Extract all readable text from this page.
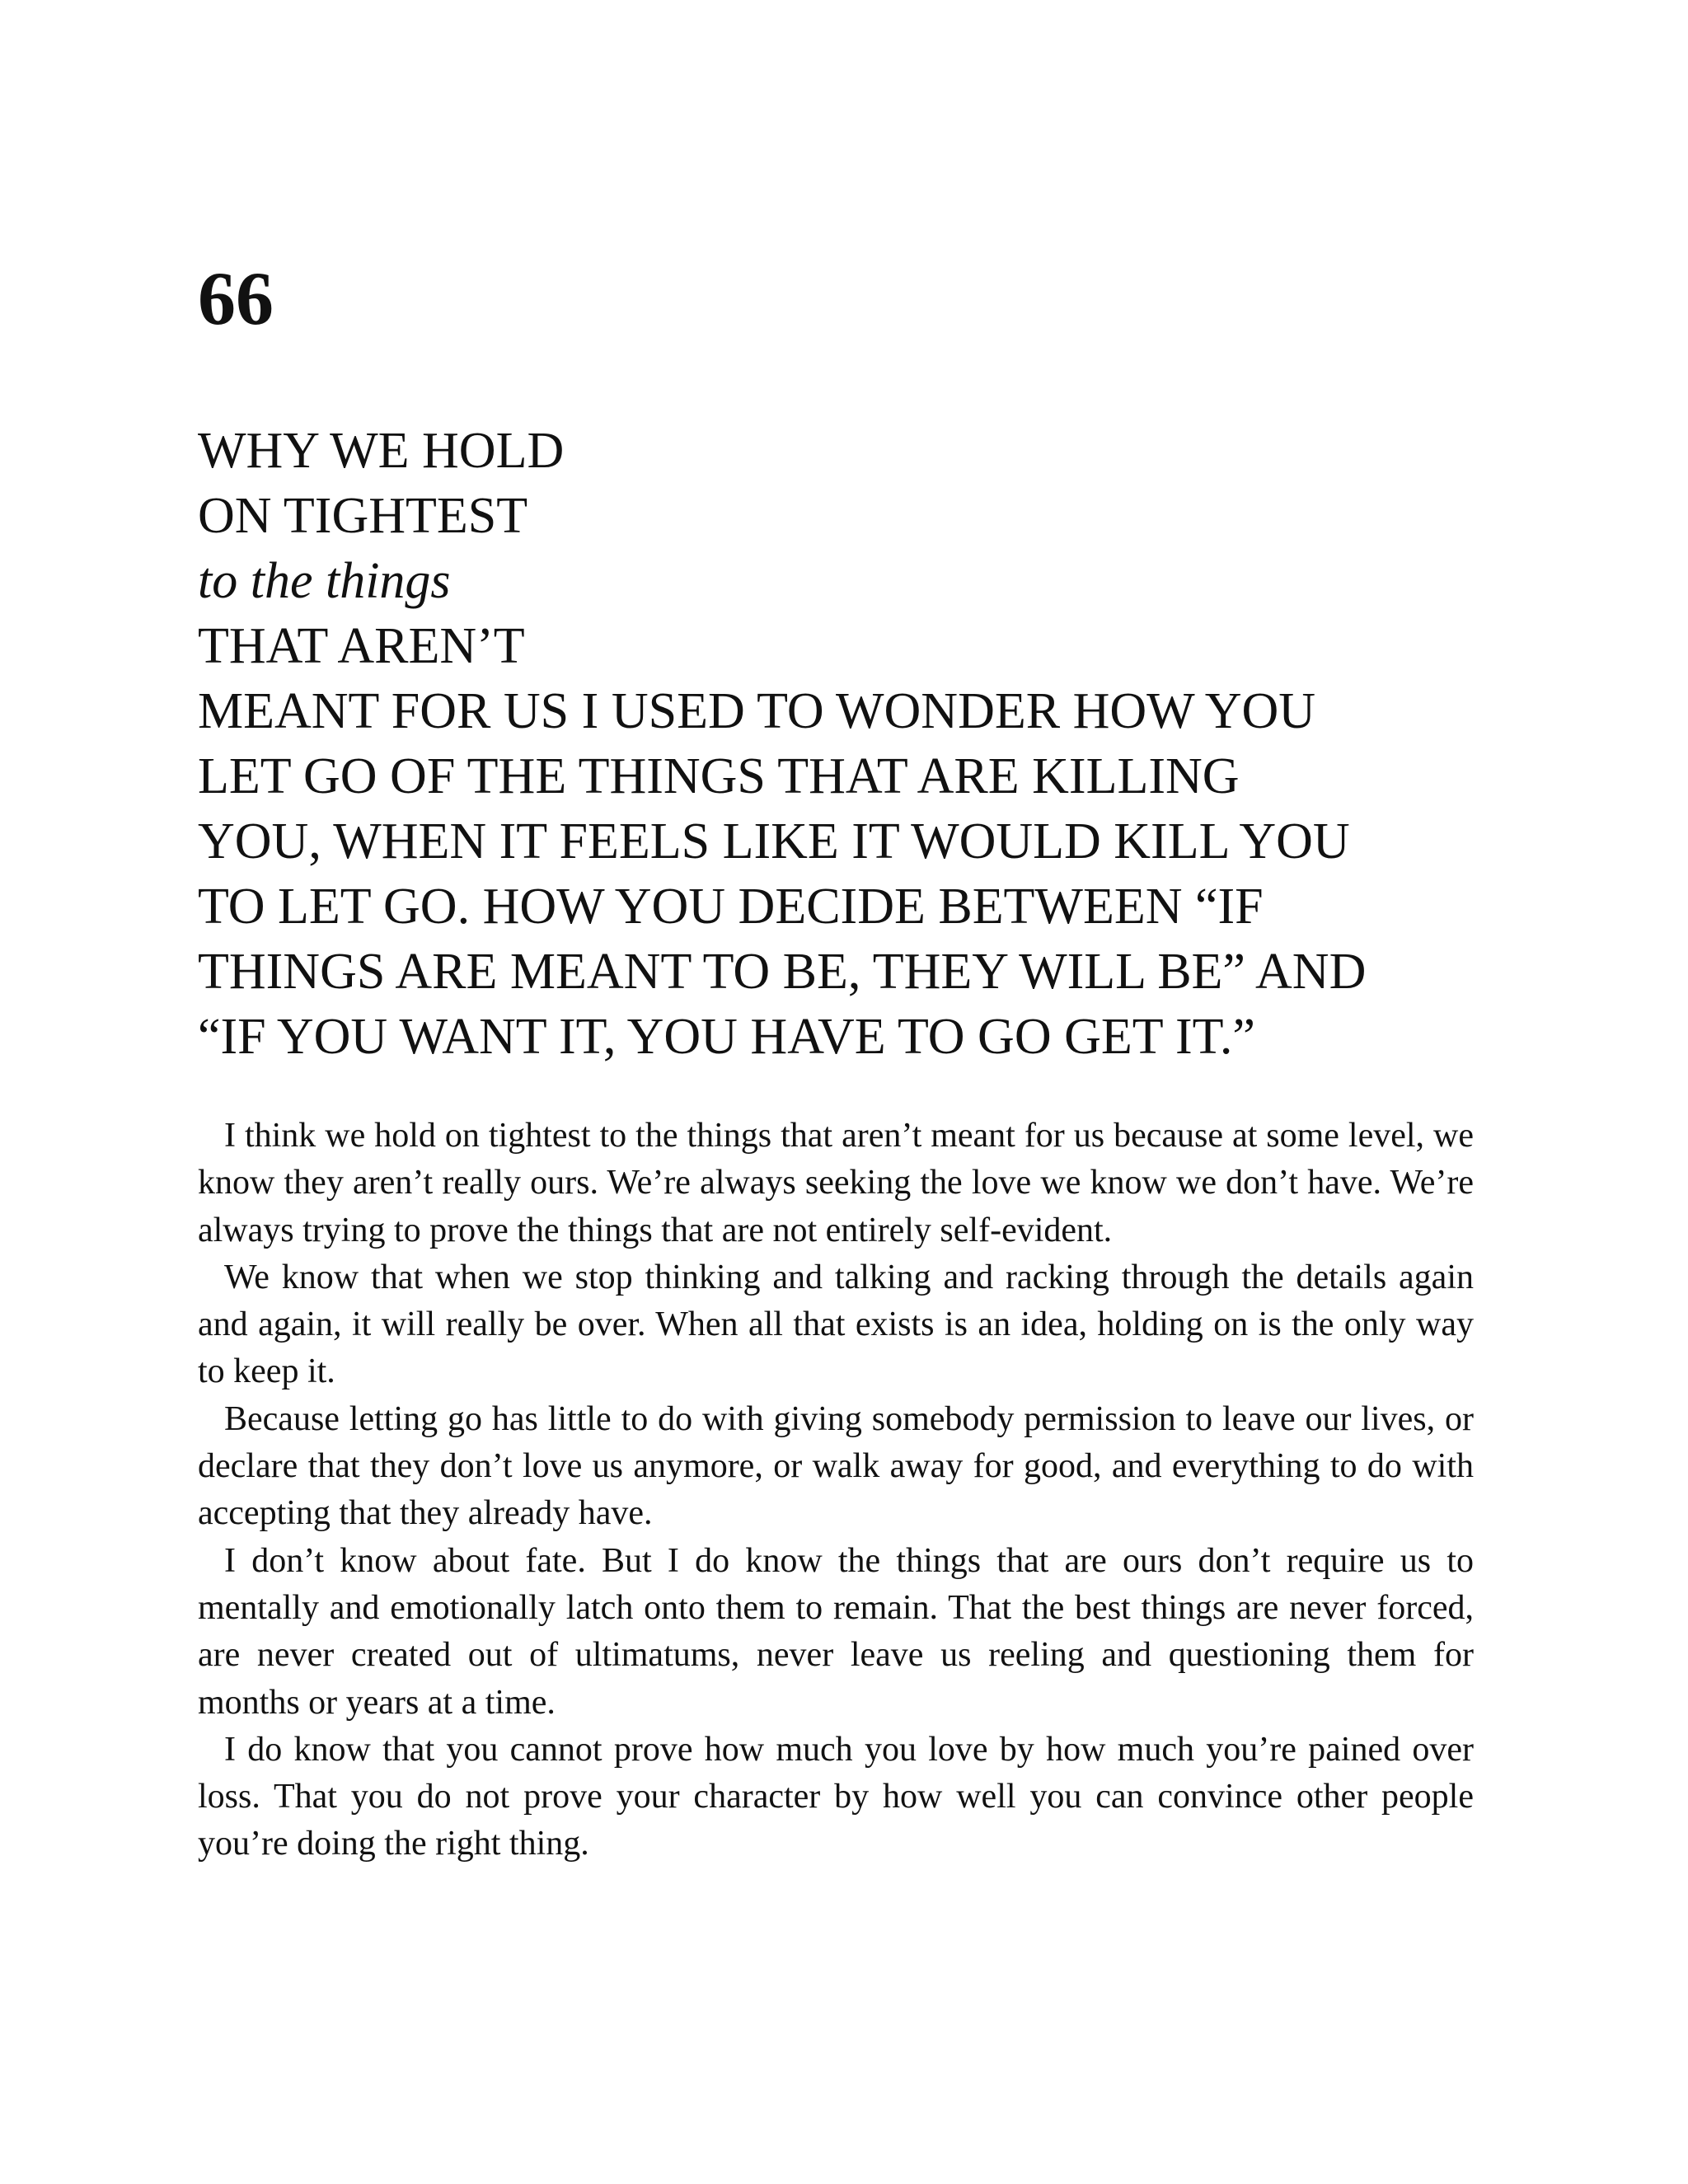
66
WHY WE HOLD
ON TIGHTEST
to the things
THAT AREN’T
MEANT FOR US I USED TO WONDER HOW YOU
LET GO OF THE THINGS THAT ARE KILLING
YOU, WHEN IT FEELS LIKE IT WOULD KILL YOU
TO LET GO. HOW YOU DECIDE BETWEEN “IF
THINGS ARE MEANT TO BE, THEY WILL BE” AND
“IF YOU WANT IT, YOU HAVE TO GO GET IT.”

I think we hold on tightest to the things that aren’t meant for us because at some level, we know they aren’t really ours. We’re always seeking the love we know we don’t have. We’re always trying to prove the things that are not entirely self-evident.

We know that when we stop thinking and talking and racking through the details again and again, it will really be over. When all that exists is an idea, holding on is the only way to keep it.

Because letting go has little to do with giving somebody permission to leave our lives, or declare that they don’t love us anymore, or walk away for good, and everything to do with accepting that they already have.

I don’t know about fate. But I do know the things that are ours don’t require us to mentally and emotionally latch onto them to remain. That the best things are never forced, are never created out of ultimatums, never leave us reeling and questioning them for months or years at a time.

I do know that you cannot prove how much you love by how much you’re pained over loss. That you do not prove your character by how well you can convince other people you’re doing the right thing.
